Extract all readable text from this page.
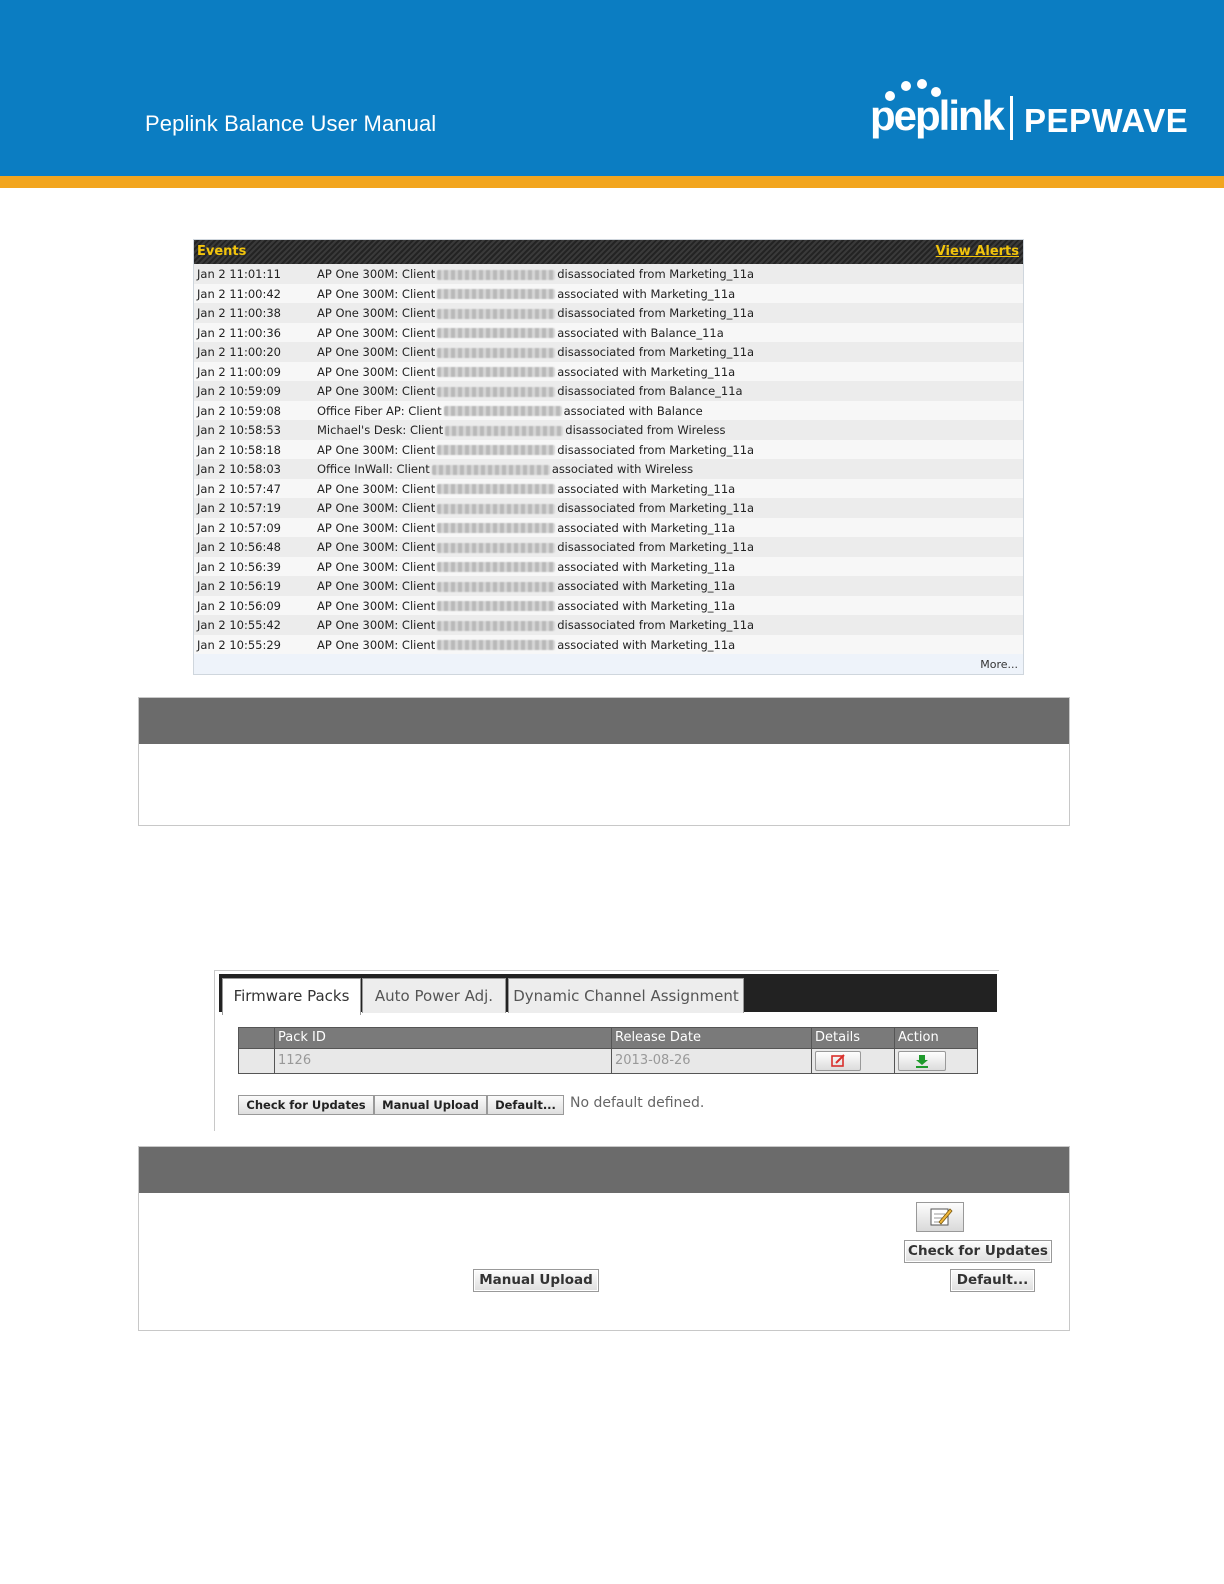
Peplink Balance User Manual	peplink PEPWAVE
Events	View Alerts
Jan 2 11:01:11	AP One 300M: Client	disassociated from Marketing_11a
Jan 2 11:00:42	AP One 300M: Client	associated with Marketing_11a
Jan 2 11:00:38	AP One 300M: Client	disassociated from Marketing_11a
Jan 2 11:00:36	AP One 300M: Client	associated with Balance_11a
Jan 2 11:00:20	AP One 300M: Client	disassociated from Marketing_11a
Jan 2 11:00:09	AP One 300M: Client	associated with Marketing_11a
Jan 2 10:59:09	AP One 300M: Client	disassociated from Balance_11a
Jan 2 10:59:08	Office Fiber AP: Client	associated with Balance
Jan 2 10:58:53	Michael's Desk: Client	disassociated from Wireless
Jan 2 10:58:18	AP One 300M: Client	disassociated from Marketing_11a
Jan 2 10:58:03	Office InWall: Client	associated with Wireless
Jan 2 10:57:47	AP One 300M: Client	associated with Marketing_11a
Jan 2 10:57:19	AP One 300M: Client	disassociated from Marketing_11a
Jan 2 10:57:09	AP One 300M: Client	associated with Marketing_11a
Jan 2 10:56:48	AP One 300M: Client	disassociated from Marketing_11a
Jan 2 10:56:39	AP One 300M: Client	associated with Marketing_11a
Jan 2 10:56:19	AP One 300M: Client	associated with Marketing_11a
Jan 2 10:56:09	AP One 300M: Client	associated with Marketing_11a
Jan 2 10:55:42	AP One 300M: Client	disassociated from Marketing_11a
Jan 2 10:55:29	AP One 300M: Client	associated with Marketing_11a
More...
Firmware Packs	Auto Power Adj.	Dynamic Channel Assignment
Pack ID	Release Date	Details	Action
1126	2013-08-26
Check for Updates	Manual Upload	Default...	No default defined.
Check for Updates
Manual Upload	Default...
